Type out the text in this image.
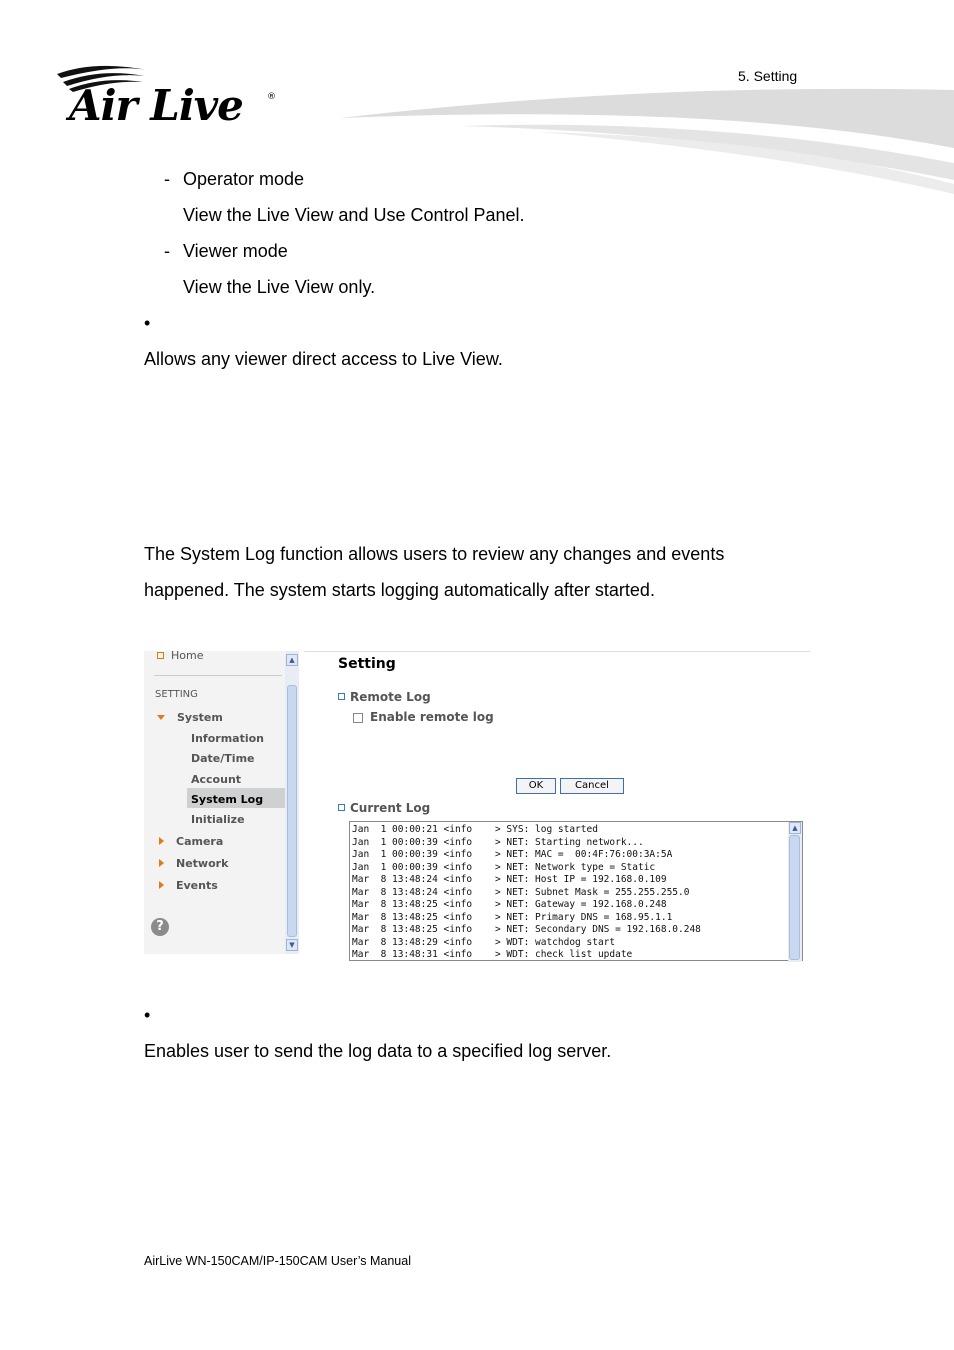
Air Live	®
5. Setting
- Operator mode
View the Live View and Use Control Panel.
- Viewer mode
View the Live View only.
•
Allows any viewer direct access to Live View.
The System Log function allows users to review any changes and events
happened. The system starts logging automatically after started.
Home
SETTING
System
Information
Date/Time
Account
System Log
Initialize
Camera
Network
Events
?
▲
▼
Setting
Remote Log
Enable remote log
OK	Cancel
Current Log
Jan  1 00:00:21 <info    > SYS: log started
Jan  1 00:00:39 <info    > NET: Starting network...
Jan  1 00:00:39 <info    > NET: MAC =  00:4F:76:00:3A:5A
Jan  1 00:00:39 <info    > NET: Network type = Static
Mar  8 13:48:24 <info    > NET: Host IP = 192.168.0.109
Mar  8 13:48:24 <info    > NET: Subnet Mask = 255.255.255.0
Mar  8 13:48:25 <info    > NET: Gateway = 192.168.0.248
Mar  8 13:48:25 <info    > NET: Primary DNS = 168.95.1.1
Mar  8 13:48:25 <info    > NET: Secondary DNS = 192.168.0.248
Mar  8 13:48:29 <info    > WDT: watchdog start
Mar  8 13:48:31 <info    > WDT: check list update
▲
•
Enables user to send the log data to a specified log server.
AirLive WN-150CAM/IP-150CAM User’s Manual
